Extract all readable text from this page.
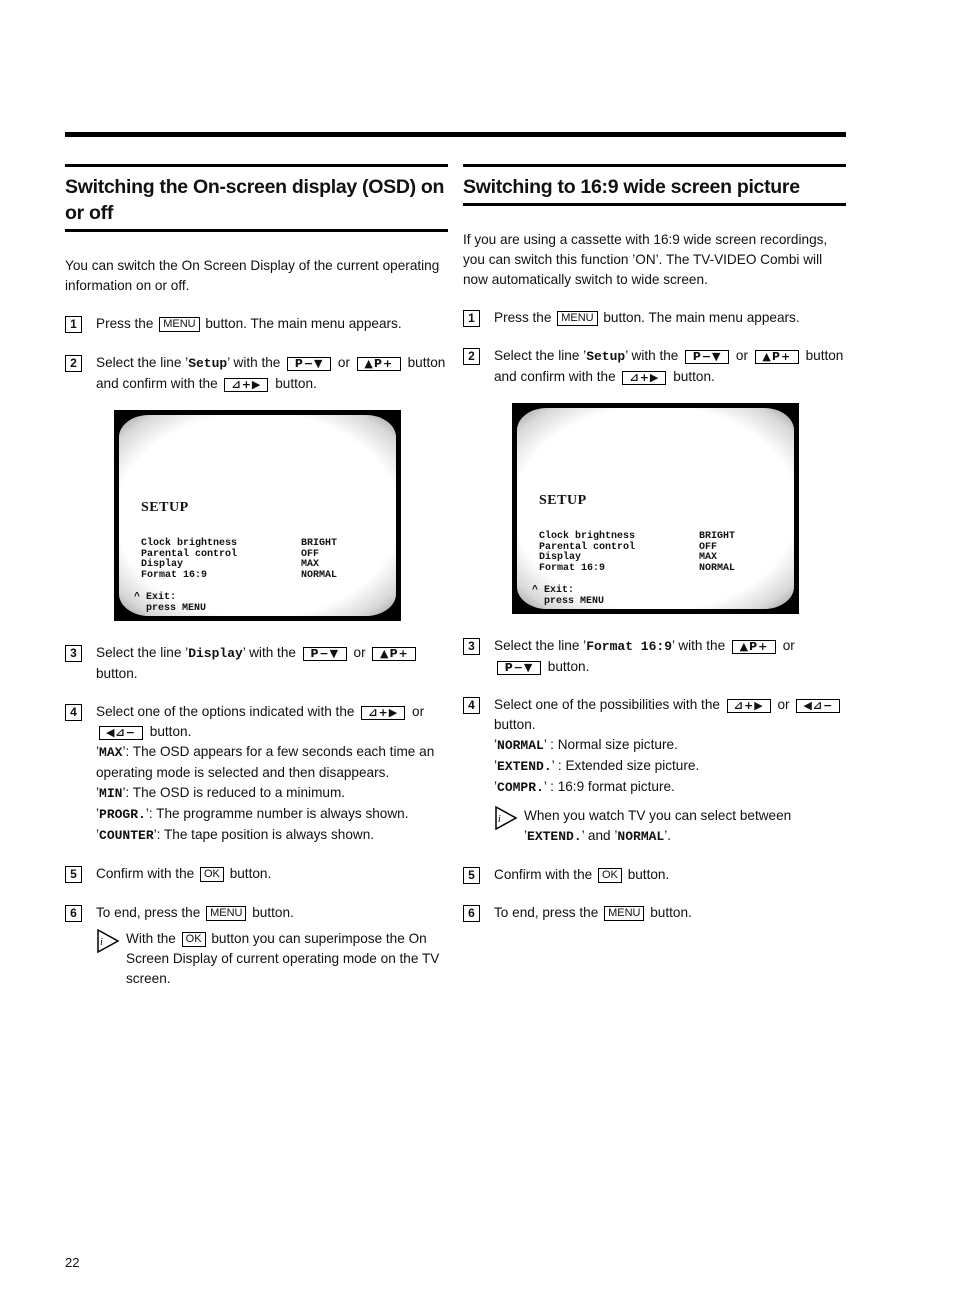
Switching the On-screen display (OSD) on or off

You can switch the On Screen Display of the current operating information on or off.

1	Press the MENU button. The main menu appears.
2	Select the line ’Setup’ with the P−▼ or ▲P+ button and confirm with the ⊿+▶ button.
SETUP
Clock brightness	BRIGHT
Parental control	OFF
Display	MAX
Format 16:9	NORMAL
^ Exit:
press MENU
3	Select the line ’Display’ with the P−▼ or ▲P+ button.
4	Select one of the options indicated with the ⊿+▶ or ◀⊿− button.
’MAX’: The OSD appears for a few seconds each time an operating mode is selected and then disappears.
’MIN’: The OSD is reduced to a minimum.
’PROGR.’: The programme number is always shown.
’COUNTER’: The tape position is always shown.
5	Confirm with the OK button.
6	To end, press the MENU button.
i With the OK button you can superimpose the On Screen Display of current operating mode on the TV screen.
Switching to 16:9 wide screen picture

If you are using a cassette with 16:9 wide screen recordings, you can switch this function ’ON’. The TV-VIDEO Combi will now automatically switch to wide screen.

1	Press the MENU button. The main menu appears.
2	Select the line ’Setup’ with the P−▼ or ▲P+ button and confirm with the ⊿+▶ button.
SETUP
Clock brightness	BRIGHT
Parental control	OFF
Display	MAX
Format 16:9	NORMAL
^ Exit:
press MENU
3	Select the line ’Format 16:9’ with the ▲P+ or P−▼ button.
4	Select one of the possibilities with the ⊿+▶ or ◀⊿− button.
’NORMAL’ : Normal size picture.
’EXTEND.’ : Extended size picture.
’COMPR.’ : 16:9 format picture.
i When you watch TV you can select between ’EXTEND.’ and ’NORMAL’.
5	Confirm with the OK button.
6	To end, press the MENU button.
22
